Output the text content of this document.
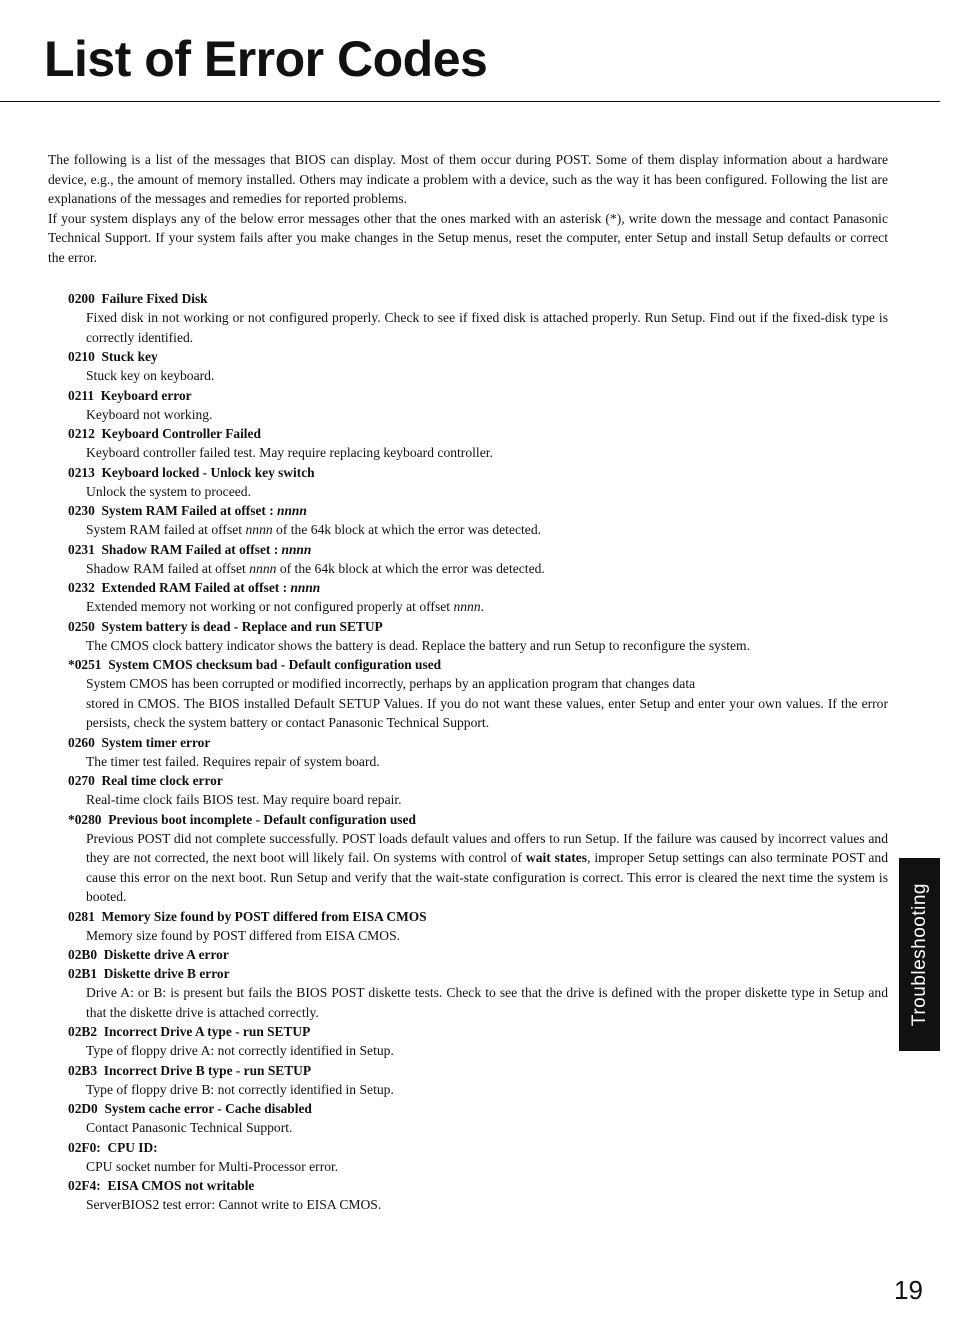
List of Error Codes

The following is a list of the messages that BIOS can display. Most of them occur during POST. Some of them display information about a hardware device, e.g., the amount of memory installed. Others may indicate a problem with a device, such as the way it has been configured. Following the list are explanations of the messages and remedies for reported problems.

If your system displays any of the below error messages other that the ones marked with an asterisk (*), write down the message and contact Panasonic Technical Support. If your system fails after you make changes in the Setup menus, reset the computer, enter Setup and install Setup defaults or correct the error.

0200 Failure Fixed Disk
Fixed disk in not working or not configured properly. Check to see if fixed disk is attached properly. Run Setup. Find out if the fixed-disk type is correctly identified.
0210 Stuck key
Stuck key on keyboard.
0211 Keyboard error
Keyboard not working.
0212 Keyboard Controller Failed
Keyboard controller failed test. May require replacing keyboard controller.
0213 Keyboard locked - Unlock key switch
Unlock the system to proceed.
0230 System RAM Failed at offset : nnnn
System RAM failed at offset nnnn of the 64k block at which the error was detected.
0231 Shadow RAM Failed at offset : nnnn
Shadow RAM failed at offset nnnn of the 64k block at which the error was detected.
0232 Extended RAM Failed at offset : nnnn
Extended memory not working or not configured properly at offset nnnn.
0250 System battery is dead - Replace and run SETUP
The CMOS clock battery indicator shows the battery is dead. Replace the battery and run Setup to reconfigure the system.
*0251 System CMOS checksum bad - Default configuration used

System CMOS has been corrupted or modified incorrectly, perhaps by an application program that changes data

stored in CMOS. The BIOS installed Default SETUP Values. If you do not want these values, enter Setup and enter your own values. If the error persists, check the system battery or contact Panasonic Technical Support.

0260 System timer error
The timer test failed. Requires repair of system board.
0270 Real time clock error
Real-time clock fails BIOS test. May require board repair.
*0280 Previous boot incomplete - Default configuration used
Previous POST did not complete successfully. POST loads default values and offers to run Setup. If the failure was caused by incorrect values and they are not corrected, the next boot will likely fail. On systems with control of wait states, improper Setup settings can also terminate POST and cause this error on the next boot. Run Setup and verify that the wait-state configuration is correct. This error is cleared the next time the system is booted.
0281 Memory Size found by POST differed from EISA CMOS
Memory size found by POST differed from EISA CMOS.
02B0 Diskette drive A error
02B1 Diskette drive B error
Drive A: or B: is present but fails the BIOS POST diskette tests. Check to see that the drive is defined with the proper diskette type in Setup and that the diskette drive is attached correctly.
02B2 Incorrect Drive A type - run SETUP
Type of floppy drive A: not correctly identified in Setup.
02B3 Incorrect Drive B type - run SETUP
Type of floppy drive B: not correctly identified in Setup.
02D0 System cache error - Cache disabled
Contact Panasonic Technical Support.
02F0: CPU ID:
CPU socket number for Multi-Processor error.
02F4: EISA CMOS not writable
ServerBIOS2 test error: Cannot write to EISA CMOS.
Troubleshooting
19
